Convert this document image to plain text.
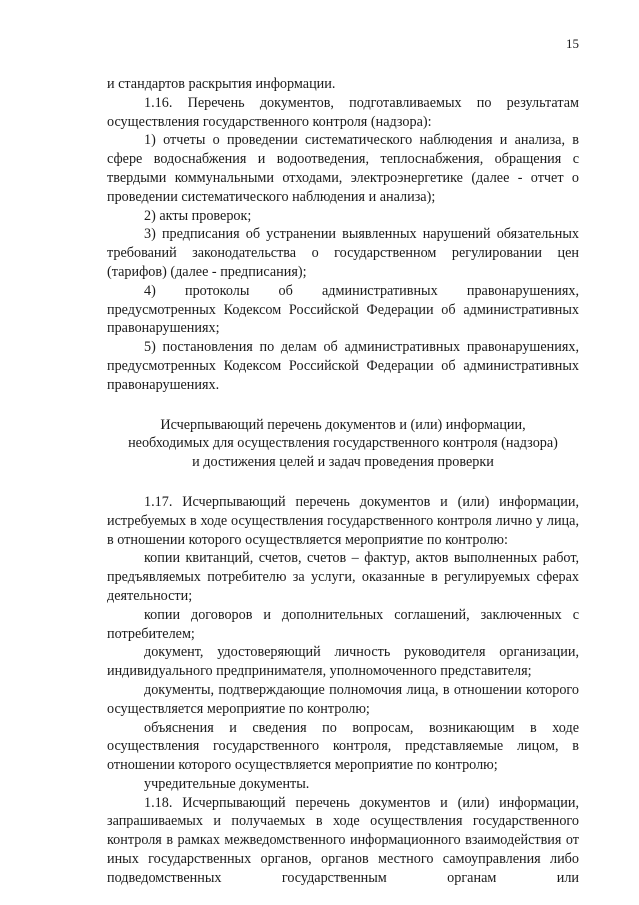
15

и стандартов раскрытия информации.

1.16. Перечень документов, подготавливаемых по результатам осуществления государственного контроля (надзора):

1) отчеты о проведении систематического наблюдения и анализа, в сфере водоснабжения и водоотведения, теплоснабжения, обращения с твердыми коммунальными отходами, электроэнергетике (далее - отчет о проведении систематического наблюдения и анализа);

2) акты проверок;

3) предписания об устранении выявленных нарушений обязательных требований законодательства о государственном регулировании цен (тарифов) (далее - предписания);

4) протоколы об административных правонарушениях, предусмотренных Кодексом Российской Федерации об административных правонарушениях;

5) постановления по делам об административных правонарушениях, предусмотренных Кодексом Российской Федерации об административных правонарушениях.

Исчерпывающий перечень документов и (или) информации,
необходимых для осуществления государственного контроля (надзора)
и достижения целей и задач проведения проверки

1.17. Исчерпывающий перечень документов и (или) информации, истребуемых в ходе осуществления государственного контроля лично у лица, в отношении которого осуществляется мероприятие по контролю:

копии квитанций, счетов, счетов – фактур, актов выполненных работ, предъявляемых потребителю за услуги, оказанные в регулируемых сферах деятельности;

копии договоров и дополнительных соглашений, заключенных с потребителем;

документ, удостоверяющий личность руководителя организации, индивидуального предпринимателя, уполномоченного представителя;

документы, подтверждающие полномочия лица, в отношении которого осуществляется мероприятие по контролю;

объяснения и сведения по вопросам, возникающим в ходе осуществления государственного контроля, представляемые лицом, в отношении которого осуществляется мероприятие по контролю;

учредительные документы.

1.18. Исчерпывающий перечень документов и (или) информации, запрашиваемых и получаемых в ходе осуществления государственного контроля в рамках межведомственного информационного взаимодействия от иных государственных органов, органов местного самоуправления либо подведомственных государственным органам или
